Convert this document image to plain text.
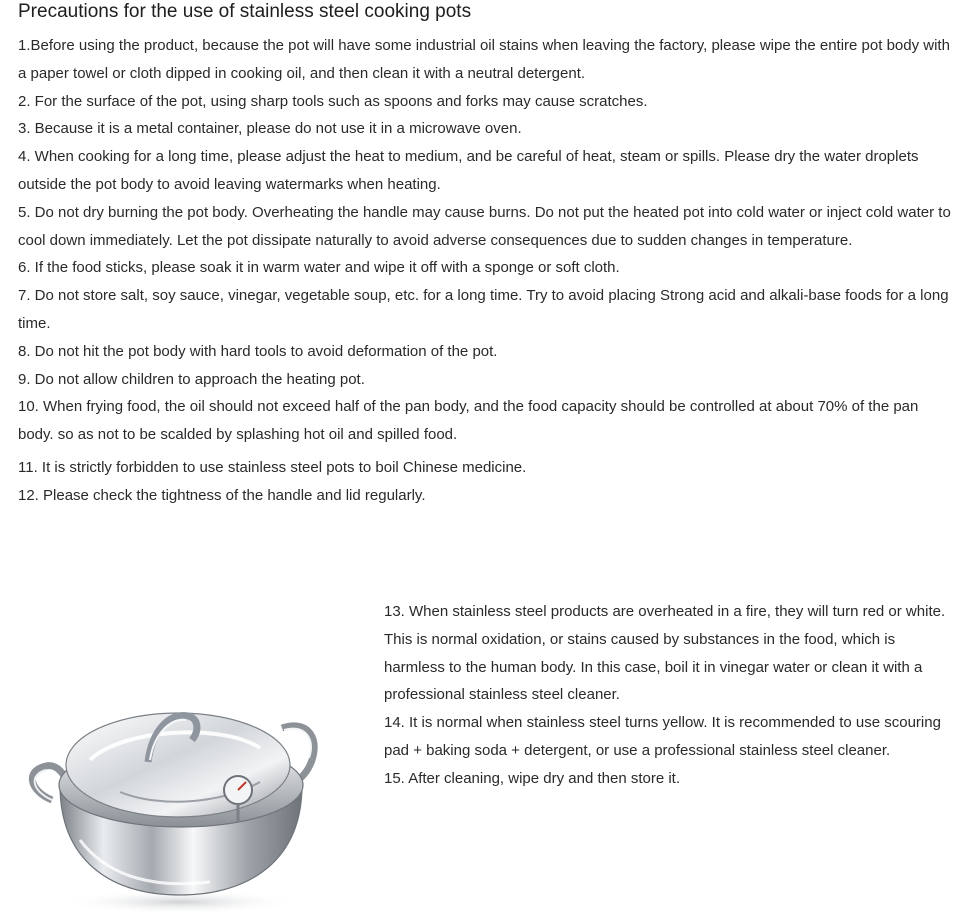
Precautions for the use of stainless steel cooking pots

1.Before using the product, because the pot will have some industrial oil stains when leaving the factory, please wipe the entire pot body with a paper towel or cloth dipped in cooking oil, and then clean it with a neutral detergent.

2. For the surface of the pot, using sharp tools such as spoons and forks may cause scratches.

3. Because it is a metal container, please do not use it in a microwave oven.

4. When cooking for a long time, please adjust the heat to medium, and be careful of heat, steam or spills. Please dry the water droplets outside the pot body to avoid leaving watermarks when heating.

5. Do not dry burning the pot body. Overheating the handle may cause burns. Do not put the heated pot into cold water or inject cold water to cool down immediately. Let the pot dissipate naturally to avoid adverse consequences due to sudden changes in temperature.

6. If the food sticks, please soak it in warm water and wipe it off with a sponge or soft cloth.

7. Do not store salt, soy sauce, vinegar, vegetable soup, etc. for a long time. Try to avoid placing Strong acid and alkali-base foods for a long time.

8. Do not hit the pot body with hard tools to avoid deformation of the pot.

9. Do not allow children to approach the heating pot.

10. When frying food, the oil should not exceed half of the pan body, and the food capacity should be controlled at about 70% of the pan body. so as not to be scalded by splashing hot oil and spilled food.

11. It is strictly forbidden to use stainless steel pots to boil Chinese medicine.

12. Please check the tightness of the handle and lid regularly.

13. When stainless steel products are overheated in a fire, they will turn red or white. This is normal oxidation, or stains caused by substances in the food, which is harmless to the human body. In this case, boil it in vinegar water or clean it with a professional stainless steel cleaner.

14. It is normal when stainless steel turns yellow. It is recommended to use scouring pad + baking soda + detergent, or use a professional stainless steel cleaner.

15. After cleaning, wipe dry and then store it.
